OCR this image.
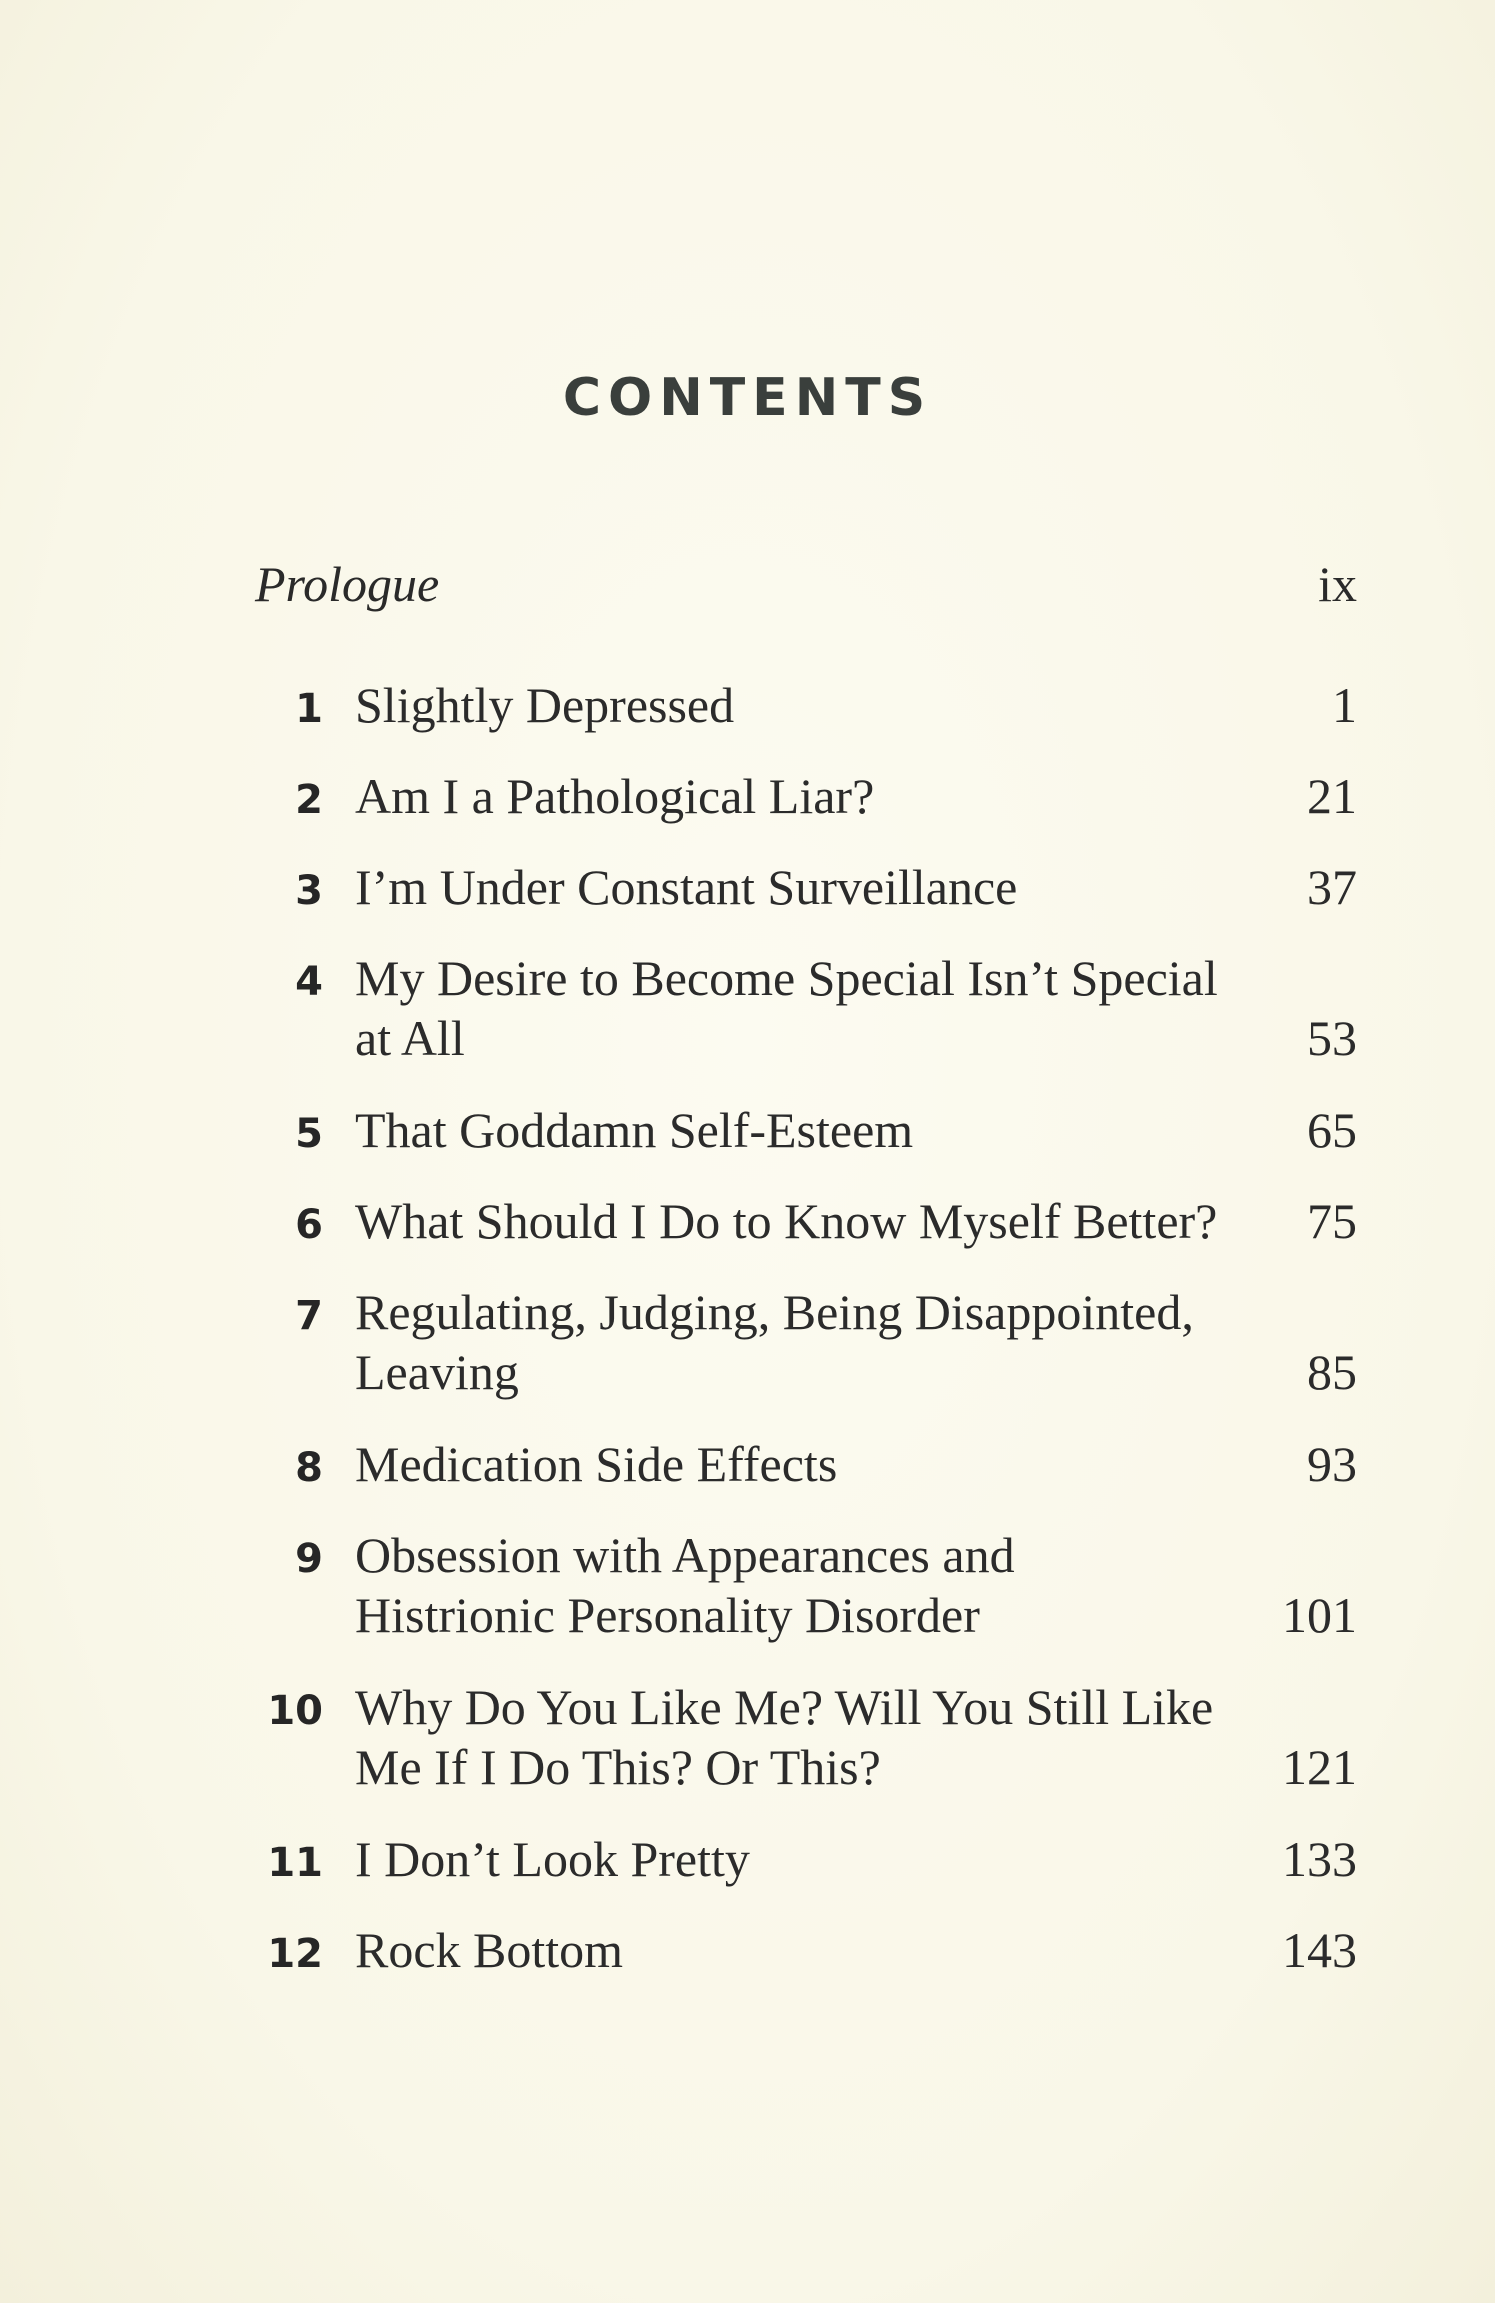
CONTENTS
Prologue	ix
1 Slightly Depressed	1
2 Am I a Pathological Liar?	21
3 I’m Under Constant Surveillance	37
4 My Desire to Become Special Isn’t Special
at All	53
5 That Goddamn Self-Esteem	65
6 What Should I Do to Know Myself Better?	75
7 Regulating, Judging, Being Disappointed,
Leaving	85
8 Medication Side Effects	93
9 Obsession with Appearances and
Histrionic Personality Disorder	101
10 Why Do You Like Me? Will You Still Like
Me If I Do This? Or This?	121
11 I Don’t Look Pretty	133
12 Rock Bottom	143
